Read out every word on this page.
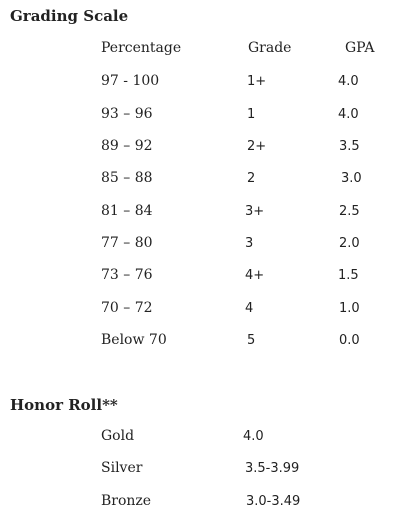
Grading Scale
Percentage	Grade	GPA
97 - 100	1+	4.0
93 – 96	1	4.0
89 – 92	2+	3.5
85 – 88	2	3.0
81 – 84	3+	2.5
77 – 80	3	2.0
73 – 76	4+	1.5
70 – 72	4	1.0
Below 70	5	0.0
Honor Roll**
Gold	4.0
Silver	3.5-3.99
Bronze	3.0-3.49
